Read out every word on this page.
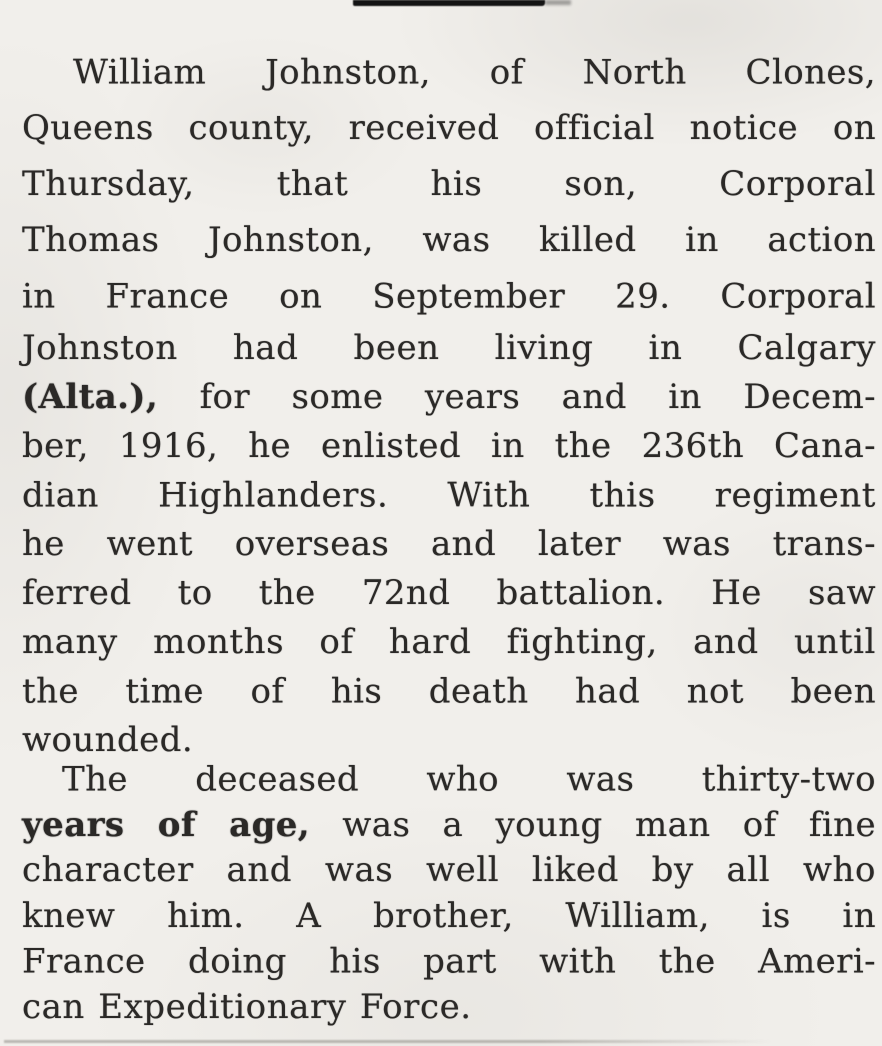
William Johnston, of North Clones,
Queens county, received official notice on
Thursday, that his son, Corporal
Thomas Johnston, was killed in action
in France on September 29. Corporal
Johnston had been living in Calgary
(Alta.), for some years and in Decem-
ber, 1916, he enlisted in the 236th Cana-
dian Highlanders. With this regiment
he went overseas and later was trans-
ferred to the 72nd battalion. He saw
many months of hard fighting, and until
the time of his death had not been
wounded.
The deceased who was thirty-two
years of age, was a young man of fine
character and was well liked by all who
knew him. A brother, William, is in
France doing his part with the Ameri-
can Expeditionary Force.
